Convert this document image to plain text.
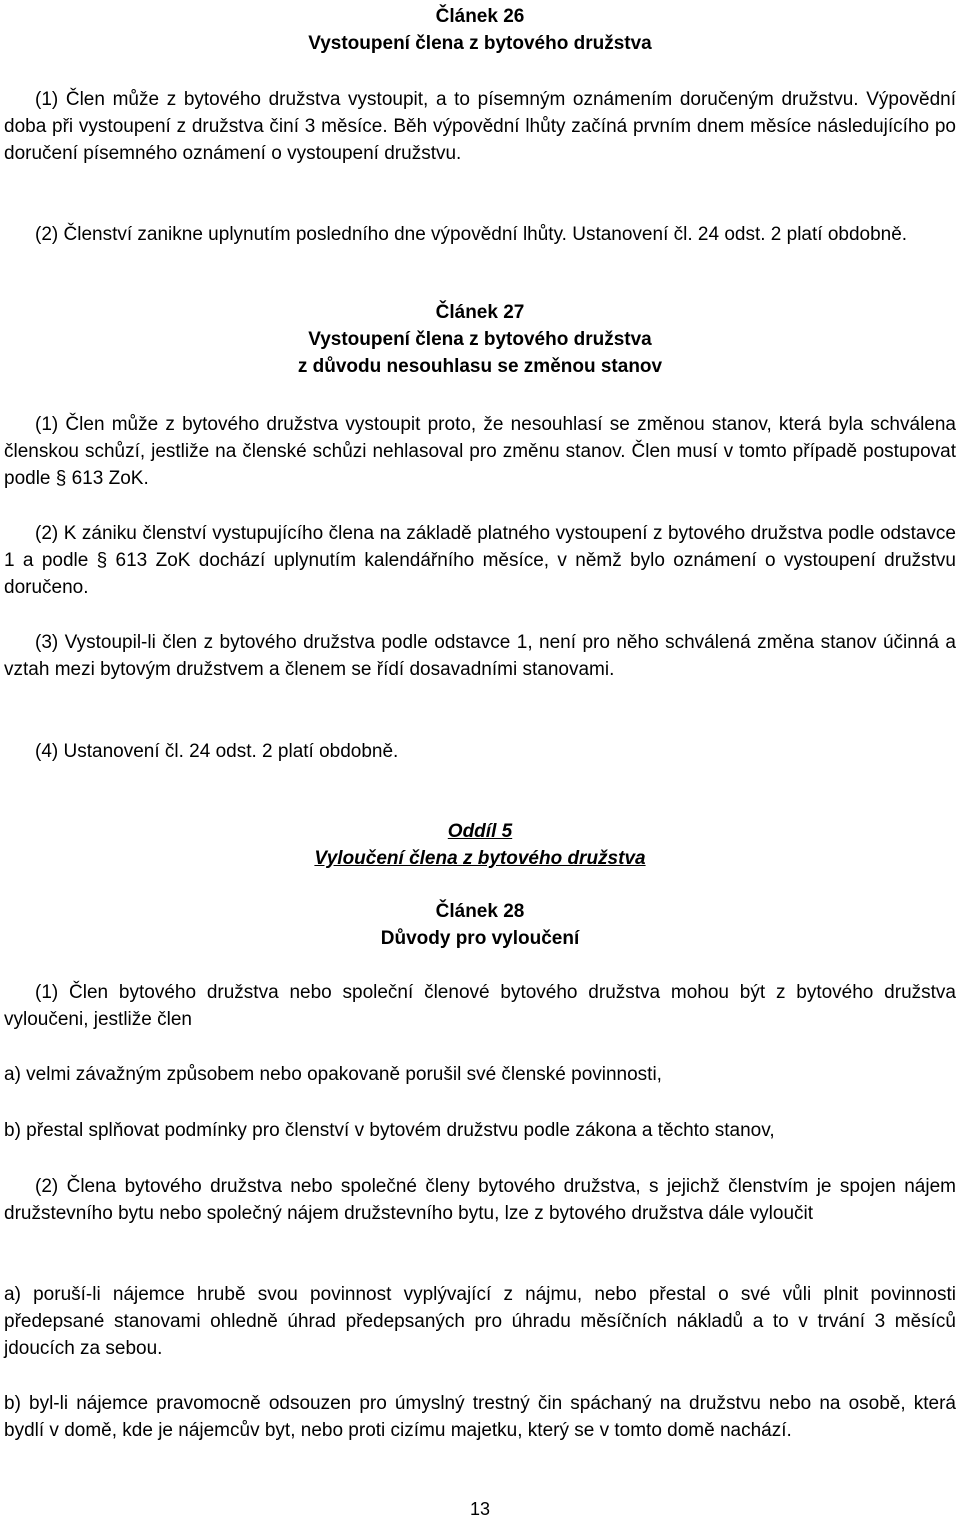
Článek 26

Vystoupení člena z bytového družstva

(1) Člen může z bytového družstva vystoupit, a to písemným oznámením doručeným družstvu. Výpovědní doba při vystoupení z družstva činí 3 měsíce. Běh výpovědní lhůty začíná prvním dnem měsíce následujícího po doručení písemného oznámení o vystoupení družstvu.

(2) Členství zanikne uplynutím posledního dne výpovědní lhůty. Ustanovení čl. 24 odst. 2 platí obdobně.

Článek 27

Vystoupení člena z bytového družstva

z důvodu nesouhlasu se změnou stanov

(1) Člen může z bytového družstva vystoupit proto, že nesouhlasí se změnou stanov, která byla schválena členskou schůzí, jestliže na členské schůzi nehlasoval pro změnu stanov. Člen musí v tomto případě postupovat podle § 613 ZoK.

(2) K zániku členství vystupujícího člena na základě platného vystoupení z bytového družstva podle odstavce 1 a podle § 613 ZoK dochází uplynutím kalendářního měsíce, v němž bylo oznámení o vystoupení družstvu doručeno.

(3) Vystoupil-li člen z bytového družstva podle odstavce 1, není pro něho schválená změna stanov účinná a vztah mezi bytovým družstvem a členem se řídí dosavadními stanovami.

(4) Ustanovení čl. 24 odst. 2 platí obdobně.

Oddíl 5

Vyloučení člena z bytového družstva

Článek 28

Důvody pro vyloučení

(1) Člen bytového družstva nebo společní členové bytového družstva mohou být z bytového družstva vyloučeni, jestliže člen

a) velmi závažným způsobem nebo opakovaně porušil své členské povinnosti,

b) přestal splňovat podmínky pro členství v bytovém družstvu podle zákona a těchto stanov,

(2) Člena bytového družstva nebo společné členy bytového družstva, s jejichž členstvím je spojen nájem družstevního bytu nebo společný nájem družstevního bytu, lze z bytového družstva dále vyloučit

a) poruší-li nájemce hrubě svou povinnost vyplývající z nájmu, nebo přestal o své vůli plnit povinnosti předepsané stanovami ohledně úhrad předepsaných pro úhradu měsíčních nákladů a to v trvání 3 měsíců jdoucích za sebou.

b) byl-li nájemce pravomocně odsouzen pro úmyslný trestný čin spáchaný na družstvu nebo na osobě, která bydlí v domě, kde je nájemcův byt, nebo proti cizímu majetku, který se v tomto domě nachází.

13
